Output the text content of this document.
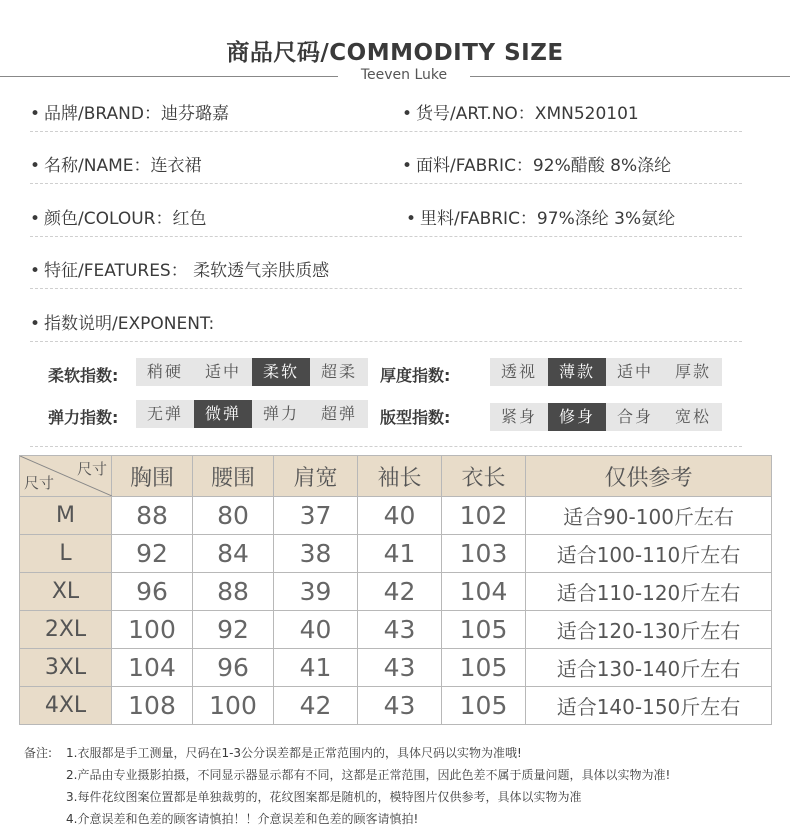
商品尺码/COMMODITY SIZE
Teeven Luke
• 品牌/BRAND：迪芬璐嘉	• 货号/ART.NO：XMN520101
• 名称/NAME：连衣裙	• 面料/FABRIC：92%醋酸 8%涤纶
• 颜色/COLOUR：红色	• 里料/FABRIC：97%涤纶 3%氨纶
• 特征/FEATURES： 柔软透气亲肤质感
• 指数说明/EXPONENT:
柔软指数:	稍硬	适中	柔软	超柔	厚度指数:	透视	薄款	适中	厚款
弹力指数:	无弹	微弹	弹力	超弹	版型指数:	紧身	修身	合身	宽松
尺寸
尺寸	胸围	腰围	肩宽	袖长	衣长	仅供参考
M	88	80	37	40	102	适合90-100斤左右
L	92	84	38	41	103	适合100-110斤左右
XL	96	88	39	42	104	适合110-120斤左右
2XL	100	92	40	43	105	适合120-130斤左右
3XL	104	96	41	43	105	适合130-140斤左右
4XL	108	100	42	43	105	适合140-150斤左右
备注: 1.衣服都是手工测量，尺码在1-3公分误差都是正常范围内的，具体尺码以实物为准哦!
2.产品由专业摄影拍摄，不同显示器显示都有不同，这都是正常范围，因此色差不属于质量问题，具体以实物为准!
3.每件花纹图案位置都是单独裁剪的，花纹图案都是随机的，模特图片仅供参考，具体以实物为准
4.介意误差和色差的顾客请慎拍！！介意误差和色差的顾客请慎拍!
